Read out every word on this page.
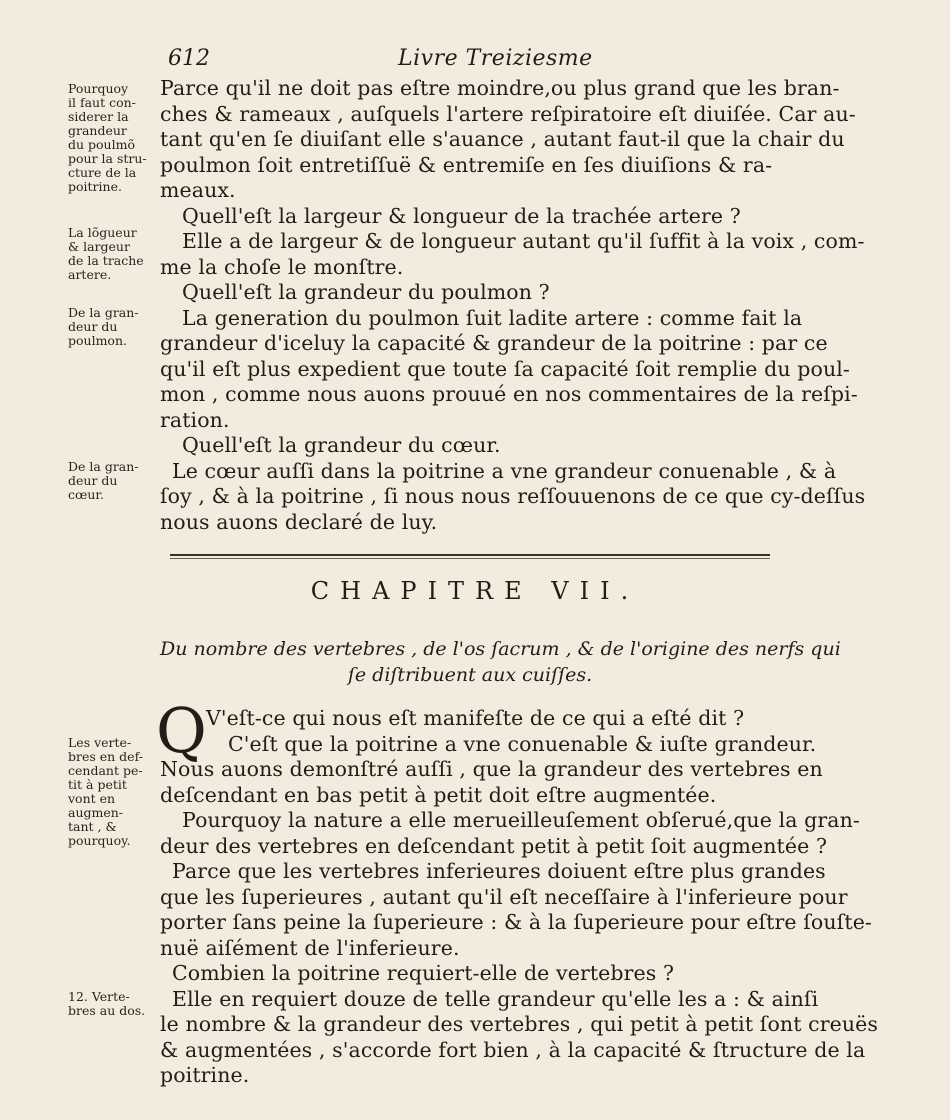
612	Livre Treiziesme
Pourquoy
il faut con-
siderer la
grandeur
du poulmõ
pour la stru-
cture de la
poitrine.
La lõgueur
& largeur
de la trache
artere.
De la gran-
deur du
poulmon.
De la gran-
deur du
cœur.
Les verte-
bres en def-
cendant pe-
tit à petit
vont en
augmen-
tant , &
pourquoy.
12. Verte-
bres au dos.
Parce qu'il ne doit pas eſtre moindre,ou plus grand que les bran-
ches & rameaux , auſquels l'artere reſpiratoire eſt diuiſée. Car au-
tant qu'en ſe diuiſant elle s'auance , autant faut-il que la chair du
poulmon ſoit entretiſſuë & entremiſe en ſes diuiſions & ra-
meaux.
Quell'eſt la largeur & longueur de la trachée artere ?
Elle a de largeur & de longueur autant qu'il ſuffit à la voix , com-
me la choſe le monſtre.
Quell'eſt la grandeur du poulmon ?
La generation du poulmon ſuit ladite artere : comme fait la
grandeur d'iceluy la capacité & grandeur de la poitrine : par ce
qu'il eſt plus expedient que toute ſa capacité ſoit remplie du poul-
mon , comme nous auons prouué en nos commentaires de la reſpi-
ration.
Quell'eſt la grandeur du cœur.
Le cœur auſſi dans la poitrine a vne grandeur conuenable , & à
ſoy , & à la poitrine , ſi nous nous reſſouuenons de ce que cy-deſſus
nous auons declaré de luy.
CHAPITRE VII.
Du nombre des vertebres , de l'os ſacrum , & de l'origine des nerfs qui
ſe diſtribuent aux cuiſſes.
Q V'eſt-ce qui nous eſt manifeſte de ce qui a eſté dit ?
C'eſt que la poitrine a vne conuenable & iuſte grandeur.
Nous auons demonſtré auſſi , que la grandeur des vertebres en
deſcendant en bas petit à petit doit eſtre augmentée.
Pourquoy la nature a elle merueilleuſement obſerué,que la gran-
deur des vertebres en deſcendant petit à petit ſoit augmentée ?
Parce que les vertebres inferieures doiuent eſtre plus grandes
que les ſuperieures , autant qu'il eſt neceſſaire à l'inferieure pour
porter ſans peine la ſuperieure : & à la ſuperieure pour eſtre ſouſte-
nuë aiſément de l'inferieure.
Combien la poitrine requiert-elle de vertebres ?
Elle en requiert douze de telle grandeur qu'elle les a : & ainſi
le nombre & la grandeur des vertebres , qui petit à petit ſont creuës
& augmentées , s'accorde fort bien , à la capacité & ſtructure de la
poitrine.
